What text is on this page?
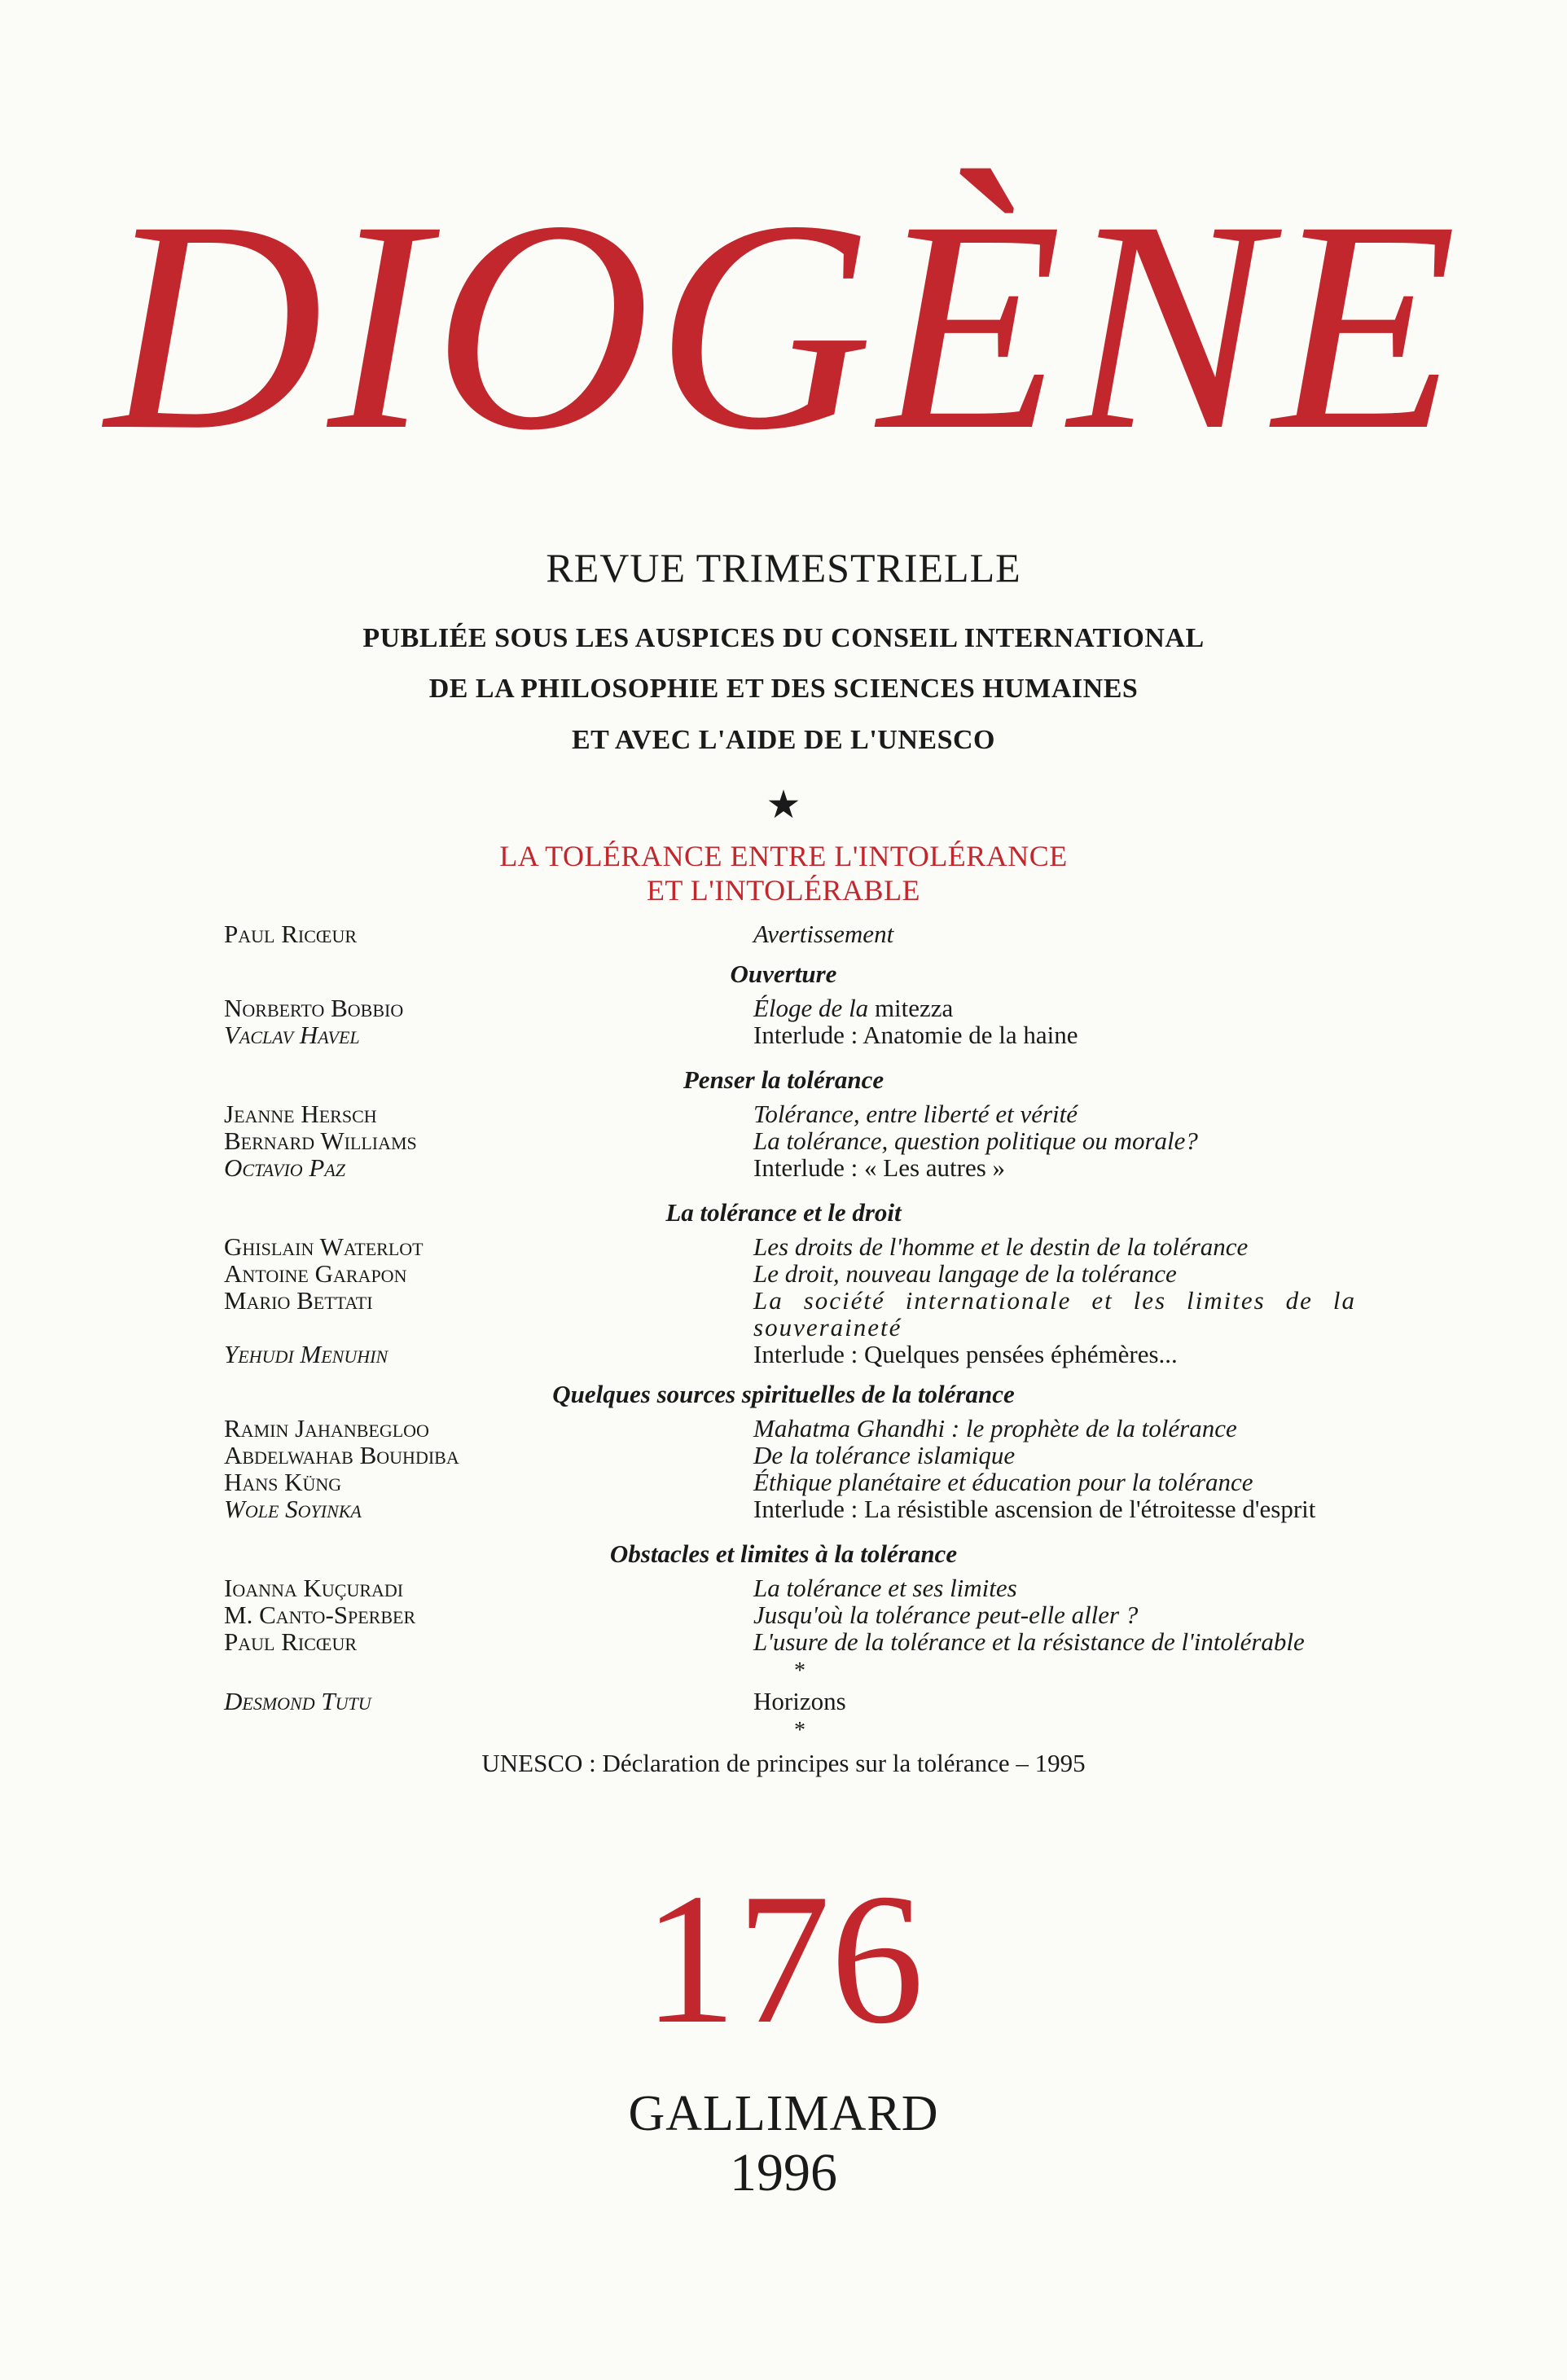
DIOGÈNE
REVUE TRIMESTRIELLE
PUBLIÉE SOUS LES AUSPICES DU CONSEIL INTERNATIONAL
DE LA PHILOSOPHIE ET DES SCIENCES HUMAINES
ET AVEC L'AIDE DE L'UNESCO
★
LA TOLÉRANCE ENTRE L'INTOLÉRANCE
ET L'INTOLÉRABLE
Paul Ricœur	Avertissement
Ouverture
Norberto Bobbio	Éloge de la mitezza
Vaclav Havel	Interlude : Anatomie de la haine
Penser la tolérance
Jeanne Hersch	Tolérance, entre liberté et vérité
Bernard Williams	La tolérance, question politique ou morale?
Octavio Paz	Interlude : « Les autres »
La tolérance et le droit
Ghislain Waterlot	Les droits de l'homme et le destin de la tolérance
Antoine Garapon	Le droit, nouveau langage de la tolérance
Mario Bettati	La société internationale et les limites de la souveraineté
Yehudi Menuhin	Interlude : Quelques pensées éphémères...
Quelques sources spirituelles de la tolérance
Ramin Jahanbegloo	Mahatma Ghandhi : le prophète de la tolérance
Abdelwahab Bouhdiba	De la tolérance islamique
Hans Küng	Éthique planétaire et éducation pour la tolérance
Wole Soyinka	Interlude : La résistible ascension de l'étroitesse d'esprit
Obstacles et limites à la tolérance
Ioanna Kuçuradi	La tolérance et ses limites
M. Canto-Sperber	Jusqu'où la tolérance peut-elle aller ?
Paul Ricœur	L'usure de la tolérance et la résistance de l'intolérable
*
Desmond Tutu	Horizons
*
UNESCO : Déclaration de principes sur la tolérance – 1995
176
GALLIMARD
1996
